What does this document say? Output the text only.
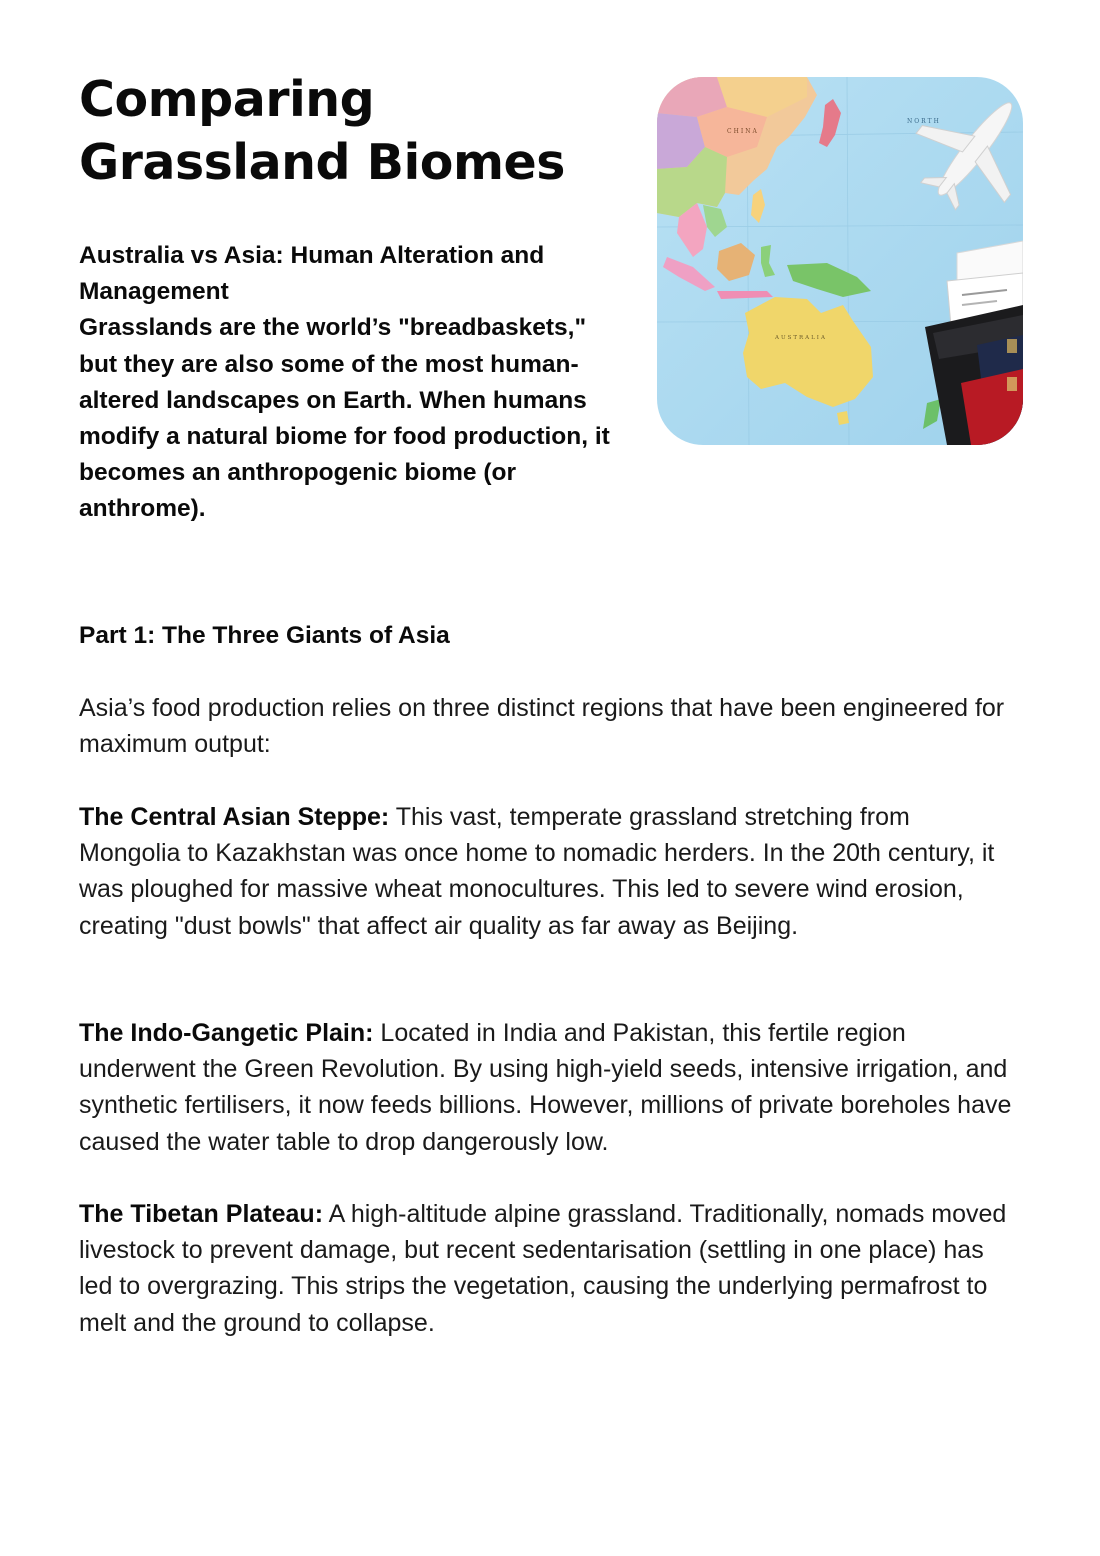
Comparing Grassland Biomes
CHINA
NORTH
AUSTRALIA

Australia vs Asia: Human Alteration and Management

Grasslands are the world’s "breadbaskets," but they are also some of the most human-altered landscapes on Earth. When humans modify a natural biome for food production, it becomes an anthropogenic biome (or anthrome).

Part 1: The Three Giants of Asia

Asia’s food production relies on three distinct regions that have been engineered for maximum output:

The Central Asian Steppe: This vast, temperate grassland stretching from Mongolia to Kazakhstan was once home to nomadic herders. In the 20th century, it was ploughed for massive wheat monocultures. This led to severe wind erosion, creating "dust bowls" that affect air quality as far away as Beijing.

The Indo-Gangetic Plain: Located in India and Pakistan, this fertile region underwent the Green Revolution. By using high-yield seeds, intensive irrigation, and synthetic fertilisers, it now feeds billions. However, millions of private boreholes have caused the water table to drop dangerously low.

The Tibetan Plateau: A high-altitude alpine grassland. Traditionally, nomads moved livestock to prevent damage, but recent sedentarisation (settling in one place) has led to overgrazing. This strips the vegetation, causing the underlying permafrost to melt and the ground to collapse.
